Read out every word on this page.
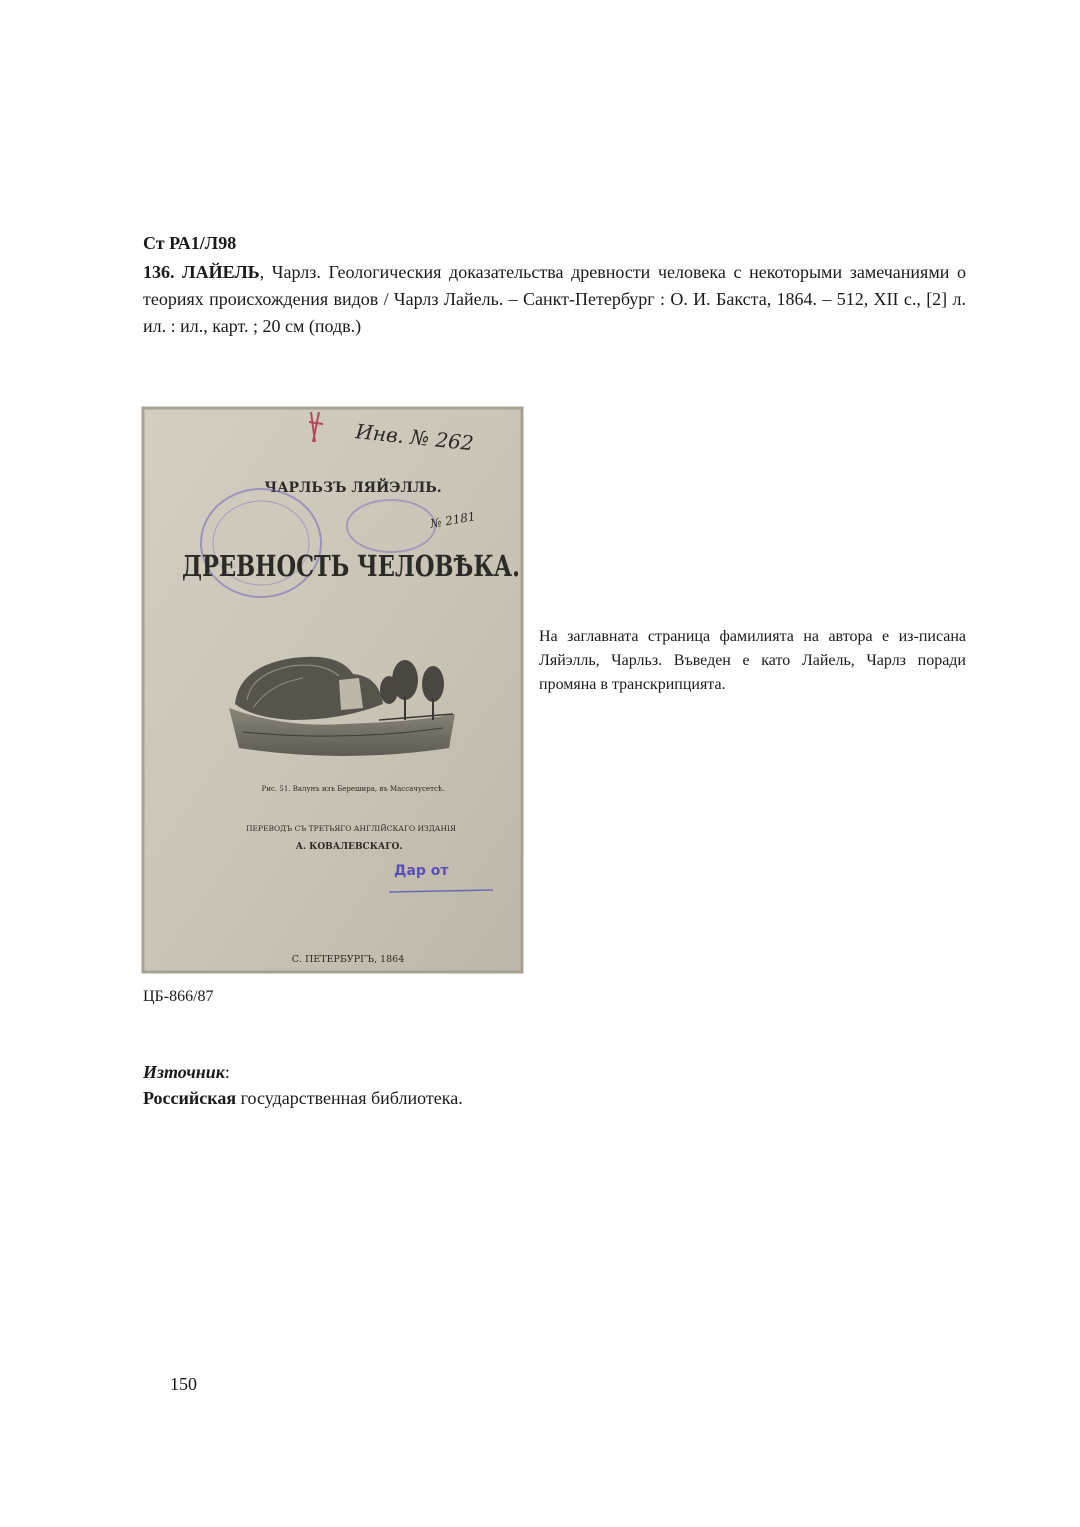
Ст РА1/Л98
136. ЛАЙЕЛЬ, Чарлз. Геологическия доказательства древности человека с некоторыми замечаниями о теориях происхождения видов / Чарлз Лайель. – Санкт-Петербург : О. И. Бакста, 1864. – 512, XII с., [2] л. ил. : ил., карт. ; 20 см (подв.)
Инв. № 262
ЧАРЛЬЗЪ ЛЯЙЭЛЛЬ.
№ 2181
ДРЕВНОСТЬ ЧЕЛОВѢКА.
Рис. 51. Валунъ изъ Берешира, въ Массачусетсѣ.
ПЕРЕВОДЪ СЪ ТРЕТЬЯГО АНГЛІЙСКАГО ИЗДАНІЯ
А. КОВАЛЕВСКАГО.
Дар от
С. ПЕТЕРБУРГЪ, 1864
На заглавната страница фамилията на автора е из-писана Ляйэлль, Чарльз. Въведен е като Лайель, Чарлз поради промяна в транскрипцията.
ЦБ-866/87
Източник:
Российская государственная библиотека.
150
